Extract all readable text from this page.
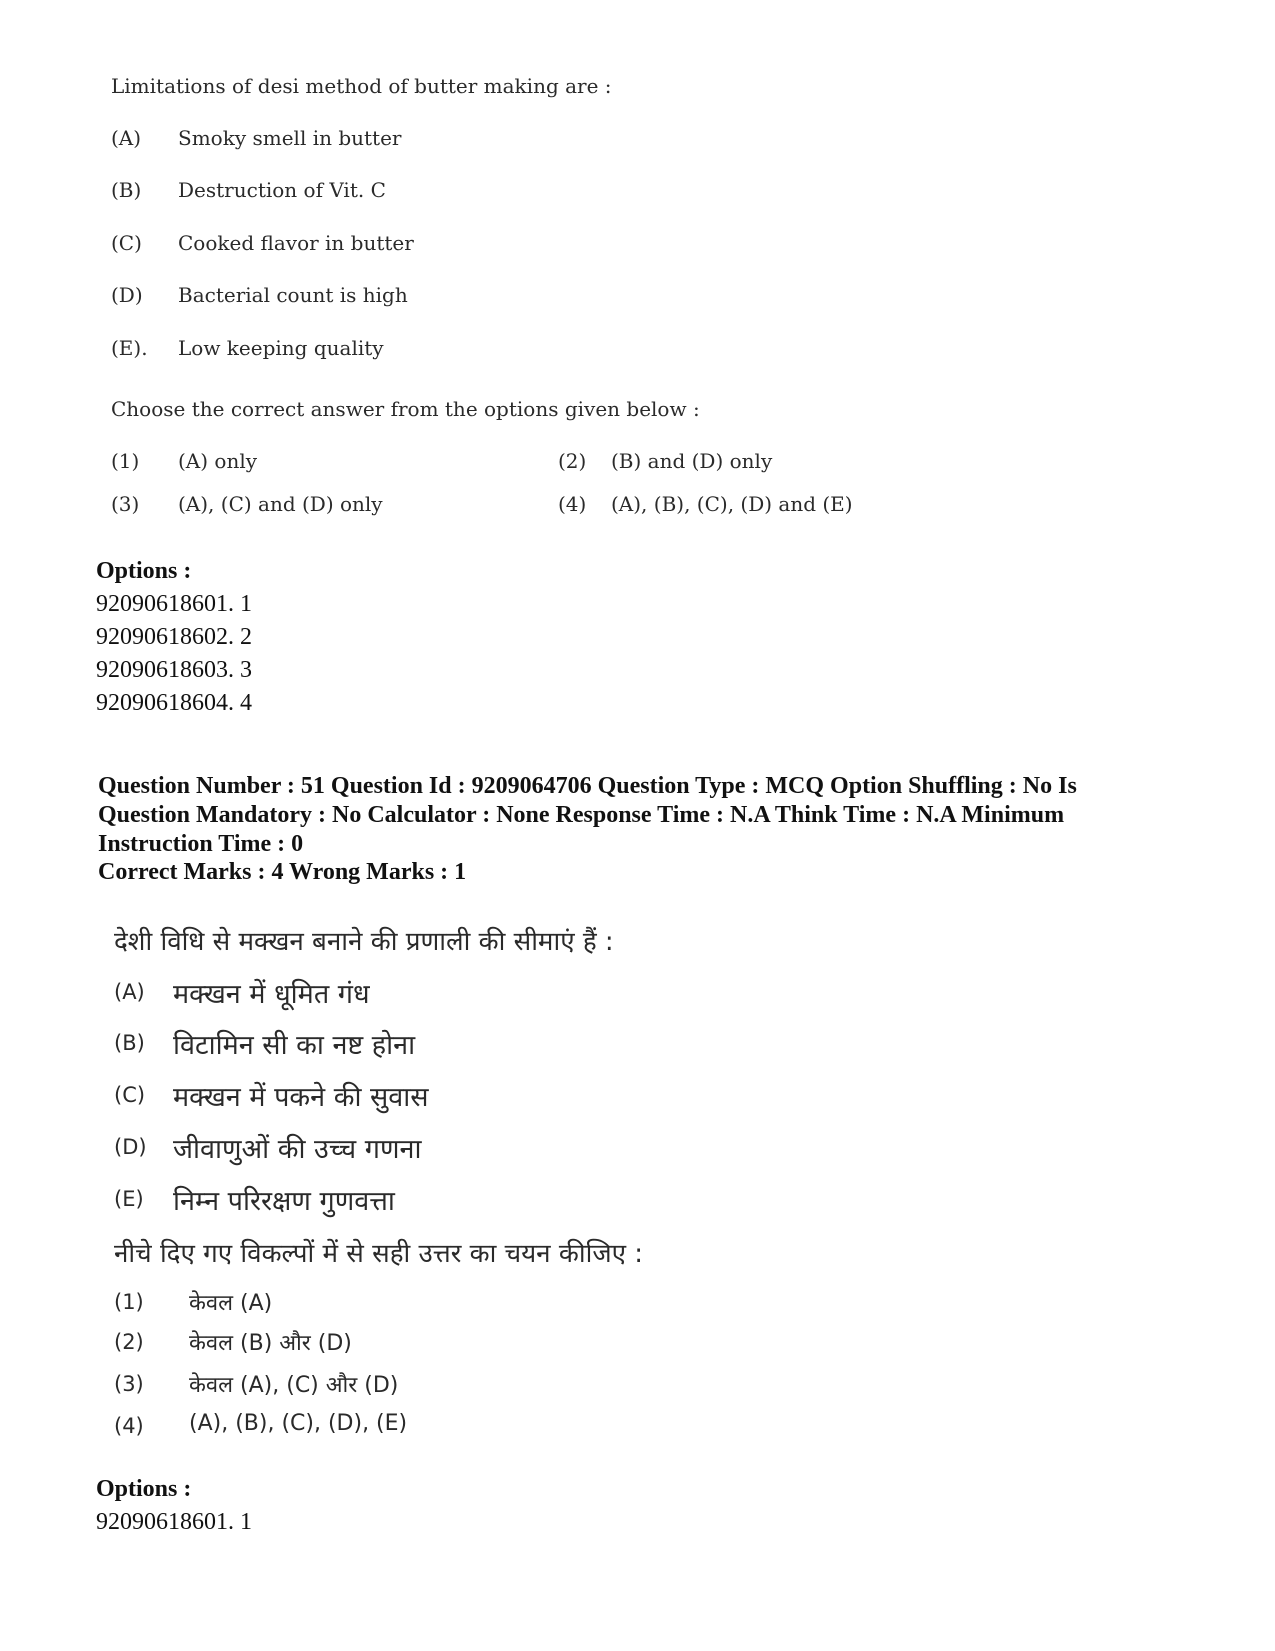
Limitations of desi method of butter making are :
(A) Smoky smell in butter
(B) Destruction of Vit. C
(C) Cooked flavor in butter
(D) Bacterial count is high
(E). Low keeping quality
Choose the correct answer from the options given below :
(1) (A) only	(2) (B) and (D) only
(3) (A), (C) and (D) only	(4) (A), (B), (C), (D) and (E)
Options :
92090618601. 1
92090618602. 2
92090618603. 3
92090618604. 4
Question Number : 51 Question Id : 9209064706 Question Type : MCQ Option Shuffling : No Is Question Mandatory : No Calculator : None Response Time : N.A Think Time : N.A Minimum Instruction Time : 0
Correct Marks : 4 Wrong Marks : 1
देशी विधि से मक्खन बनाने की प्रणाली की सीमाएं हैं :
(A) मक्खन में धूमित गंध
(B) विटामिन सी का नष्ट होना
(C) मक्खन में पकने की सुवास
(D) जीवाणुओं की उच्च गणना
(E) निम्न परिरक्षण गुणवत्ता
नीचे दिए गए विकल्पों में से सही उत्तर का चयन कीजिए :
(1) केवल (A)
(2) केवल (B) और (D)
(3) केवल (A), (C) और (D)
(4) (A), (B), (C), (D), (E)
Options :
92090618601. 1
